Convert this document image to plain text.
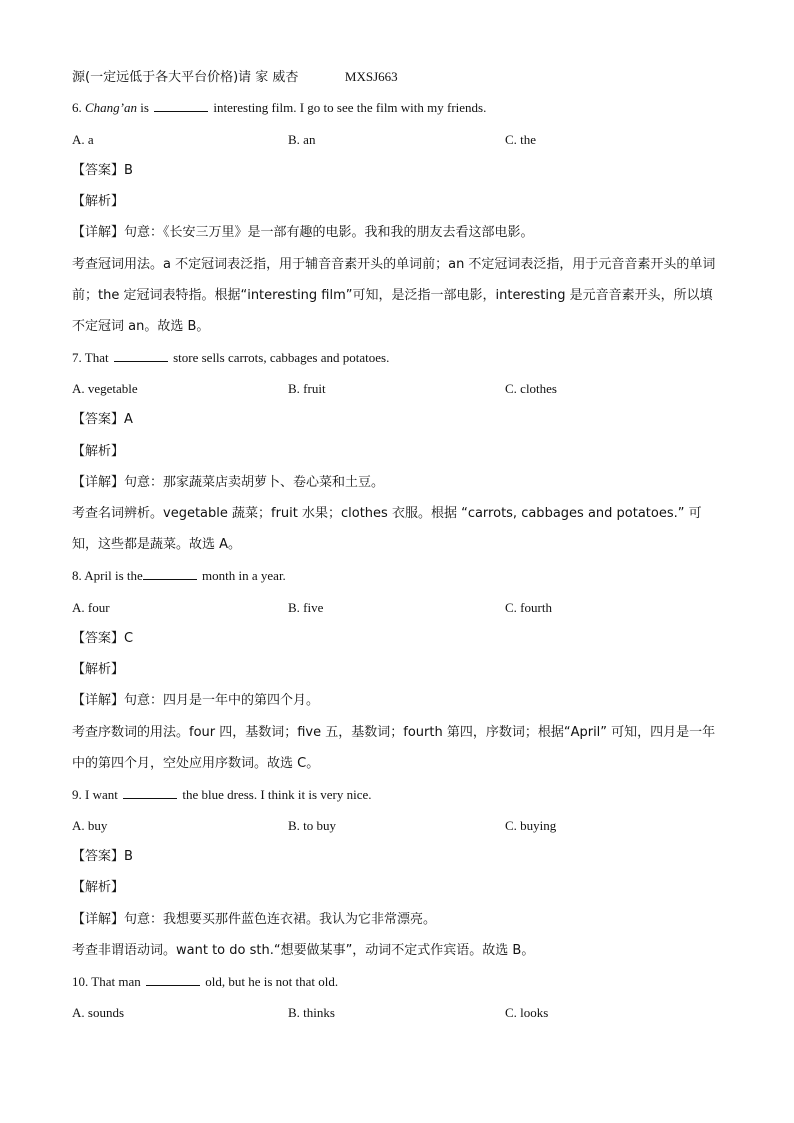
源(一定远低于各大平台价格)请 家 威杏	MXSJ663
6. Chang’an is	interesting film. I go to see the film with my friends.
A. a	B. an	C. the
【答案】B
【解析】
【详解】句意：《长安三万里》是一部有趣的电影。我和我的朋友去看这部电影。
考查冠词用法。a 不定冠词表泛指，用于辅音音素开头的单词前；an 不定冠词表泛指，用于元音音素开头的单词前；the 定冠词表特指。根据“interesting film”可知，是泛指一部电影，interesting 是元音音素开头，所以填不定冠词 an。故选 B。
7. That	store sells carrots, cabbages and potatoes.
A. vegetable	B. fruit	C. clothes
【答案】A
【解析】
【详解】句意：那家蔬菜店卖胡萝卜、卷心菜和土豆。
考查名词辨析。vegetable 蔬菜；fruit 水果；clothes 衣服。根据 “carrots, cabbages and potatoes.” 可知，这些都是蔬菜。故选 A。
8. April is the	month in a year.
A. four	B. five	C. fourth
【答案】C
【解析】
【详解】句意：四月是一年中的第四个月。
考查序数词的用法。four 四，基数词；five 五，基数词；fourth 第四，序数词；根据“April” 可知，四月是一年中的第四个月，空处应用序数词。故选 C。
9. I want	the blue dress. I think it is very nice.
A. buy	B. to buy	C. buying
【答案】B
【解析】
【详解】句意：我想要买那件蓝色连衣裙。我认为它非常漂亮。
考查非谓语动词。want to do sth.“想要做某事”，动词不定式作宾语。故选 B。
10. That man	old, but he is not that old.
A. sounds	B. thinks	C. looks
